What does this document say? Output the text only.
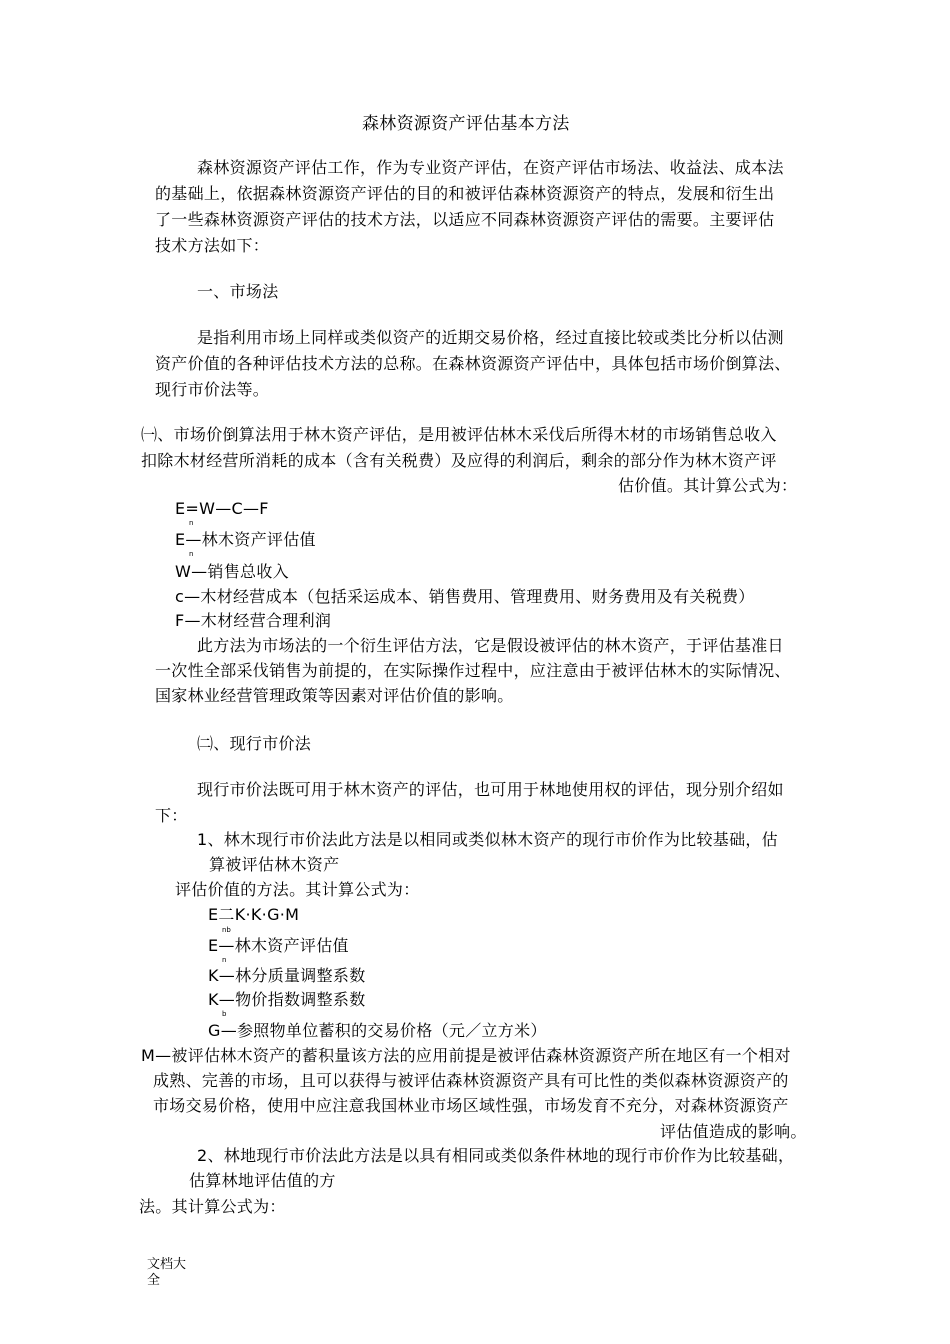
森林资源资产评估基本方法
森林资源资产评估工作，作为专业资产评估，在资产评估市场法、收益法、成本法
的基础上，依据森林资源资产评估的目的和被评估森林资源资产的特点，发展和衍生出
了一些森林资源资产评估的技术方法，以适应不同森林资源资产评估的需要。主要评估
技术方法如下：
一、市场法
是指利用市场上同样或类似资产的近期交易价格，经过直接比较或类比分析以估测
资产价值的各种评估技术方法的总称。在森林资源资产评估中，具体包括市场价倒算法、
现行市价法等。
㈠、市场价倒算法用于林木资产评估，是用被评估林木采伐后所得木材的市场销售总收入
扣除木材经营所消耗的成本（含有关税费）及应得的利润后，剩余的部分作为林木资产评
估价值。其计算公式为：
E=W—C—F
n
E—林木资产评估值
n
W—销售总收入
c—木材经营成本（包括采运成本、销售费用、管理费用、财务费用及有关税费）
F—木材经营合理利润
此方法为市场法的一个衍生评估方法，它是假设被评估的林木资产，于评估基准日
一次性全部采伐销售为前提的，在实际操作过程中，应注意由于被评估林木的实际情况、
国家林业经营管理政策等因素对评估价值的影响。
㈡、现行市价法
现行市价法既可用于林木资产的评估，也可用于林地使用权的评估，现分别介绍如
下：
1、林木现行市价法此方法是以相同或类似林木资产的现行市价作为比较基础，估
算被评估林木资产
评估价值的方法。其计算公式为：
E二K·K·G·M
nb
E—林木资产评估值
n
K—林分质量调整系数
K—物价指数调整系数
b
G—参照物单位蓄积的交易价格（元／立方米）
M—被评估林木资产的蓄积量该方法的应用前提是被评估森林资源资产所在地区有一个相对
成熟、完善的市场，且可以获得与被评估森林资源资产具有可比性的类似森林资源资产的
市场交易价格，使用中应注意我国林业市场区域性强，市场发育不充分，对森林资源资产
评估值造成的影响。
2、林地现行市价法此方法是以具有相同或类似条件林地的现行市价作为比较基础，
估算林地评估值的方
法。其计算公式为：
文档大
全
